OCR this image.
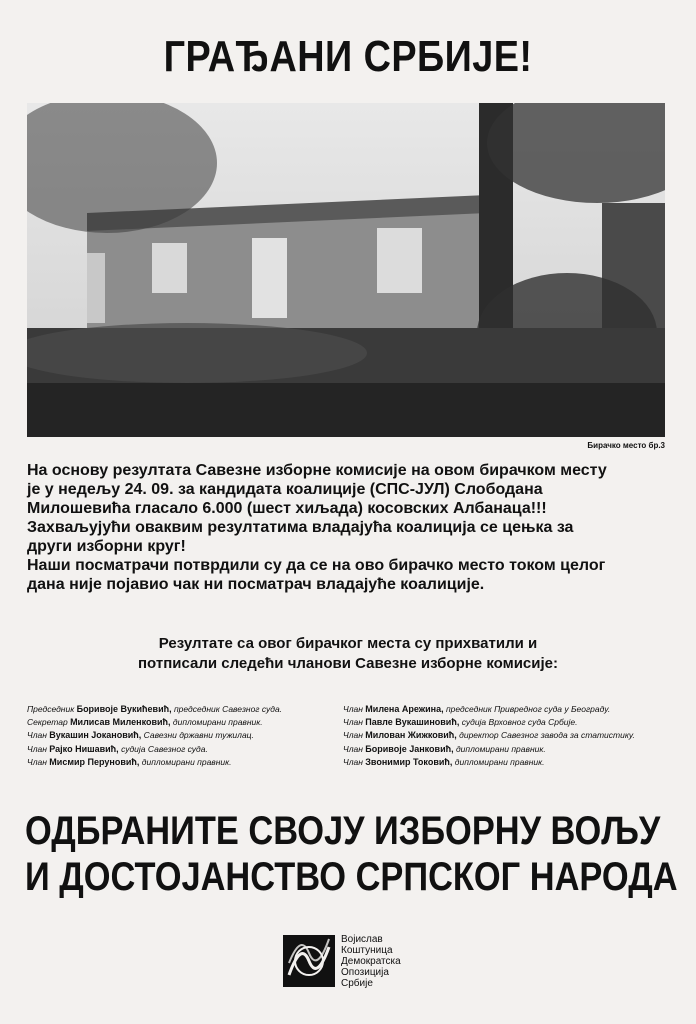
ГРАЂАНИ СРБИЈЕ!
Бирачко место бр.3

На основу резултата Савезне изборне комисије на овом бирачком месту

је у недељу 24. 09. за кандидата коалиције (СПС-ЈУЛ) Слободана

Милошевића гласало 6.000 (шест хиљада) косовских Албанаца!!!

Захваљујући оваквим резултатима владајућа коалиција се цењка за

други изборни круг!

Наши посматрачи потврдили су да се на ово бирачко место током целог

дана није појавио чак ни посматрач владајуће коалиције.

Резултате са овог бирачког места су прихватили и

потписали следећи чланови Савезне изборне комисије:

Председник Боривоје Вукићевић, председник Савезног суда.
Секретар Милисав Миленковић, дипломирани правник.
Члан Вукашин Јокановић, Савезни државни тужилац.
Члан Рајко Нишавић, судија Савезног суда.
Члан Мисмир Перуновић, дипломирани правник.
Члан Милена Арежина, председник Привредног суда у Београду.
Члан Павле Вукашиновић, судија Врховног суда Србије.
Члан Милован Жижковић, директор Савезног завода за статистику.
Члан Боривоје Јанковић, дипломирани правник.
Члан Звонимир Токовић, дипломирани правник.

ОДБРАНИТЕ СВОЈУ ИЗБОРНУ ВОЉУ

И ДОСТОЈАНСТВО СРПСКОГ НАРОДА

Војислав

Коштуница

Демократска

Опозиција

Србије
